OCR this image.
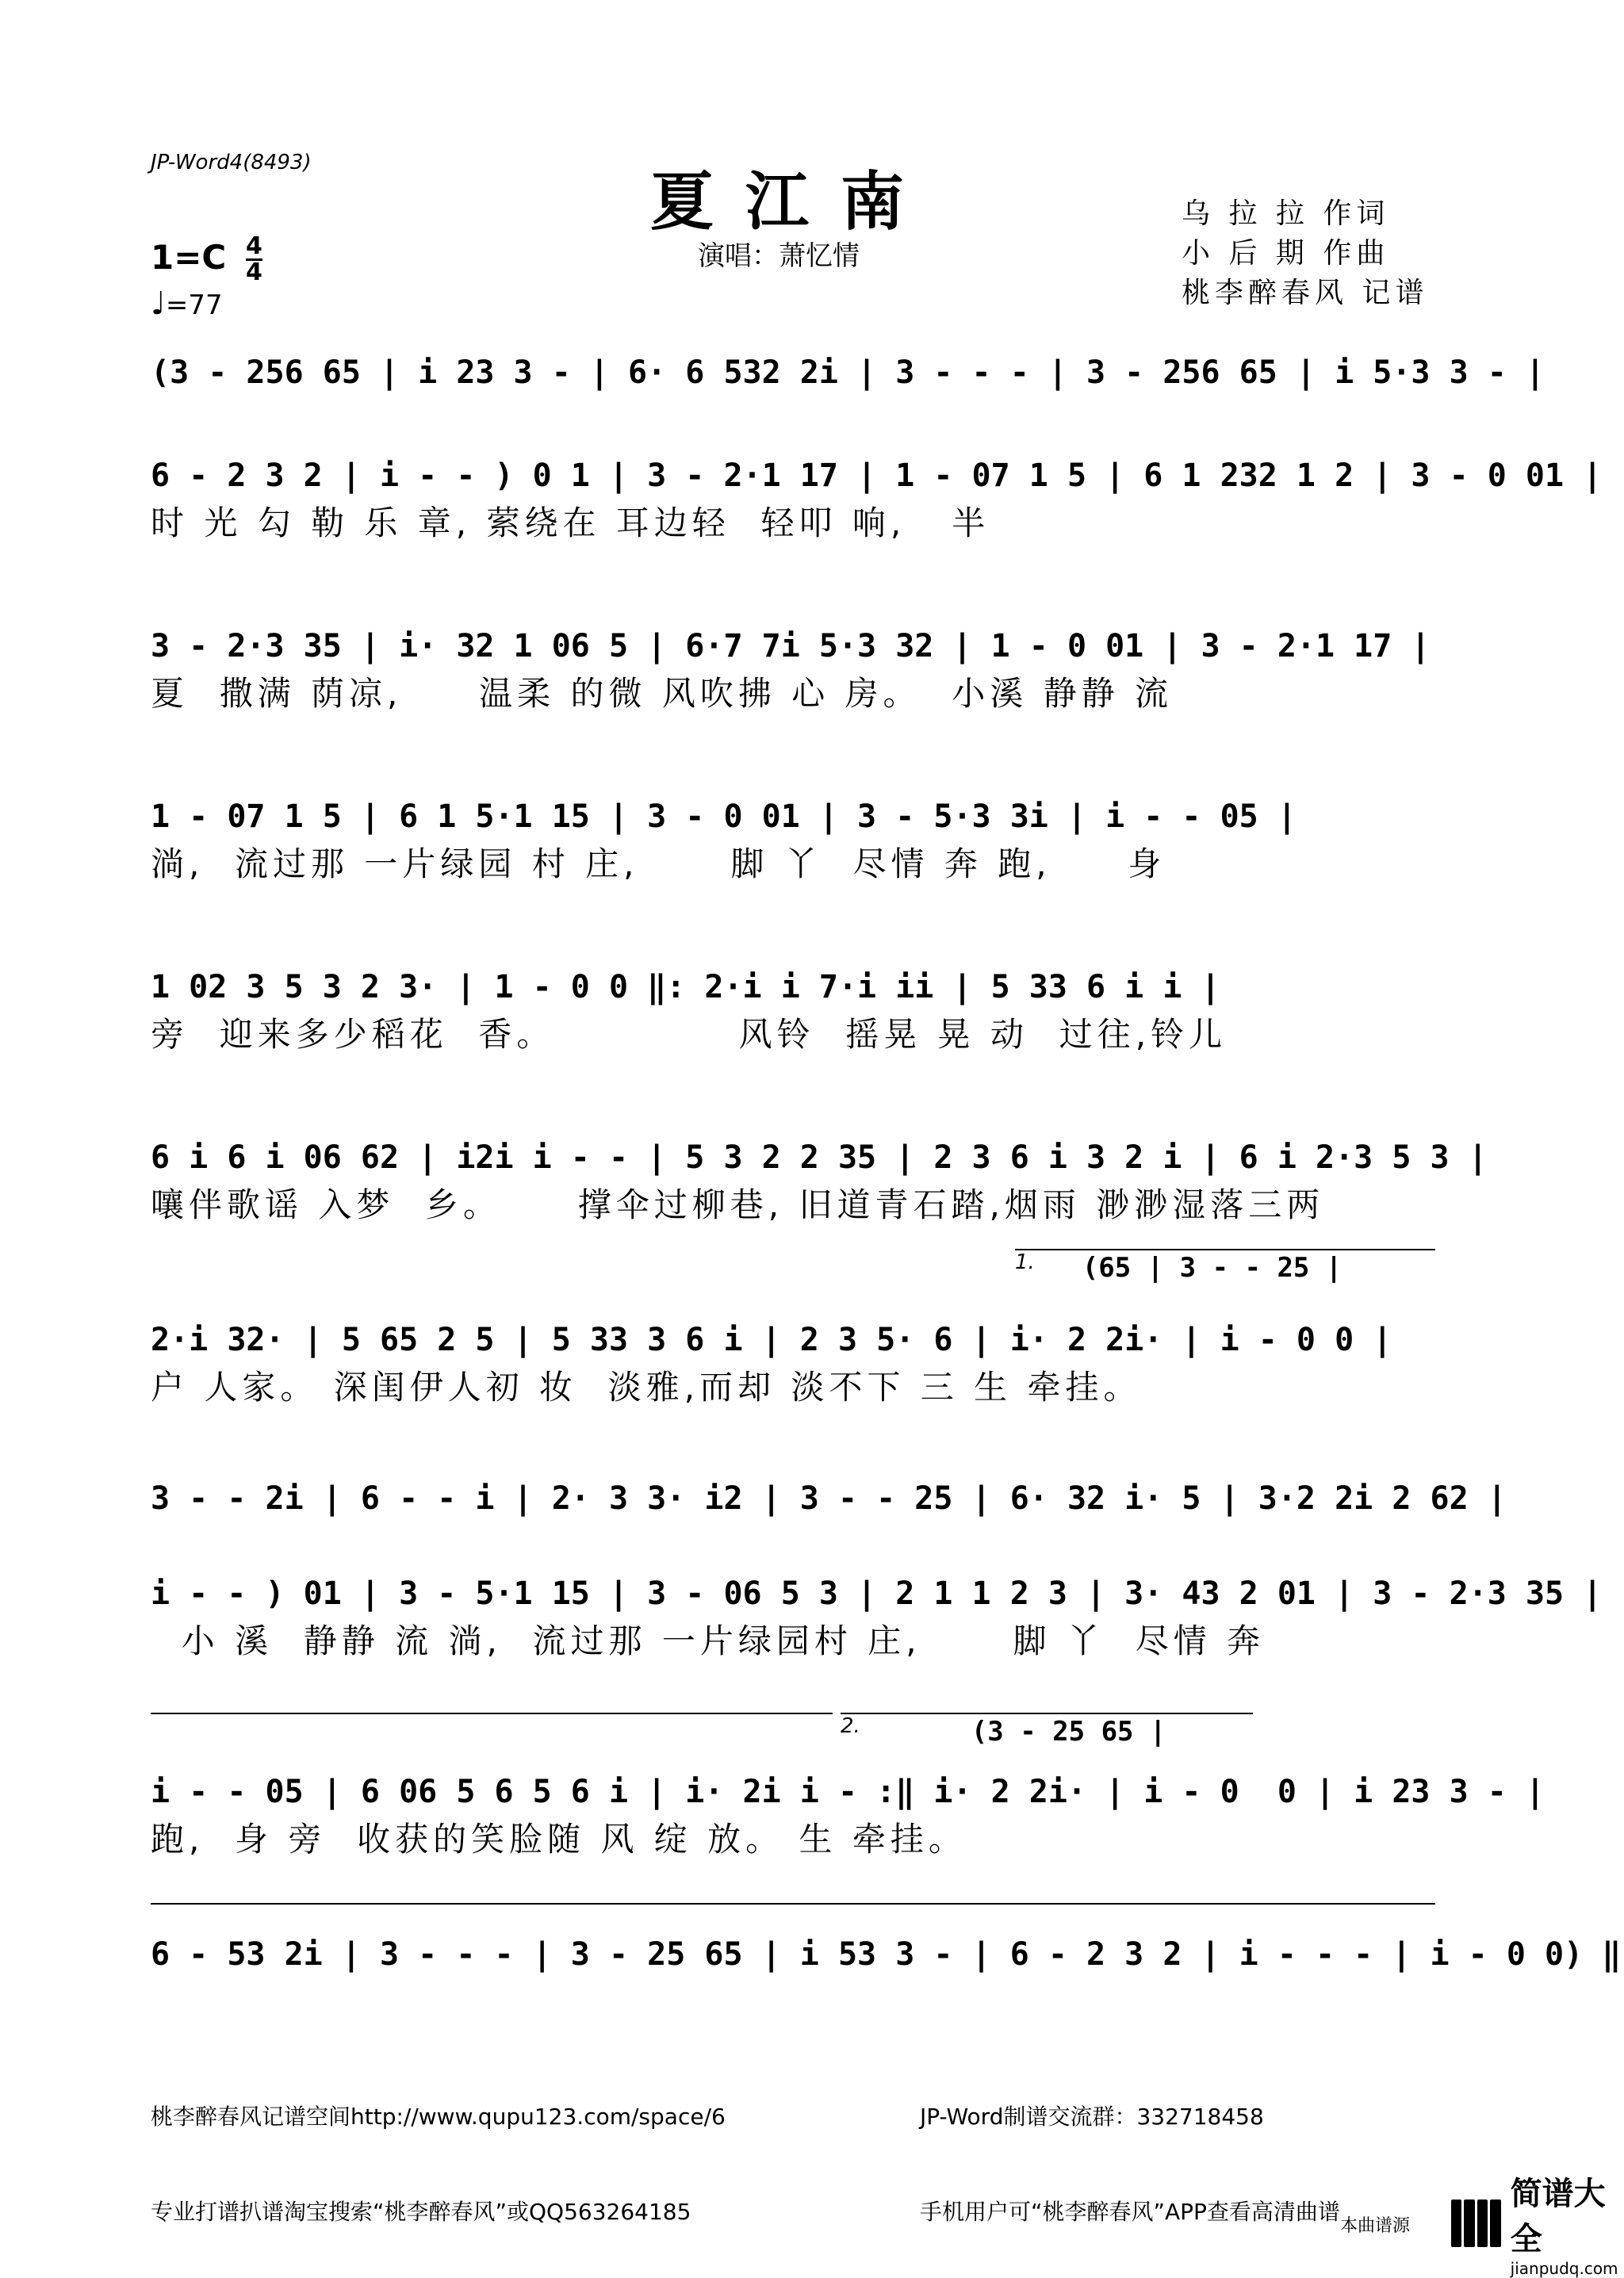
JP-Word4(8493)
夏江南
演唱：萧忆情
乌 拉 拉 作词
小 后 期 作曲
桃李醉春风 记谱
$1=C \frac{4}{4}$
♩=77
(3 - 256 65 | i 23 3 - | 6· 6 532 2i | 3 - - - | 3 - 256 65 | i 5·3 3 - |
6 - 2 3 2 | i - - ) 0 1 | 3 - 2·1 17 | 1 - 07 1 5 | 6 1 232 1 2 | 3 - 0 01 |
时 光 勾 勒 乐 章, 萦绕在 耳边轻  轻叩 响,   半
3 - 2·3 35 | i· 32 1 06 5 | 6·7 7i 5·3 32 | 1 - 0 01 | 3 - 2·1 17 |
夏  撒满 荫凉,     温柔 的微 风吹拂 心 房。  小溪 静静 流
1 - 07 1 5 | 6 1 5·1 15 | 3 - 0 01 | 3 - 5·3 3i | i - - 05 |
淌,  流过那 一片绿园 村 庄,      脚 丫  尽情 奔 跑,     身
1 02 3 5 3 2 3· | 1 - 0 0 ‖: 2·i i 7·i ii | 5 33 6 i i |
旁  迎来多少稻花  香。            风铃  摇晃 晃 动  过往,铃儿
6 i 6 i 06 62 | i2i i - - | 5 3 2 2 35 | 2 3 6 i 3 2 i | 6 i 2·3 5 3 |
嚷伴歌谣 入梦  乡。     撑伞过柳巷, 旧道青石踏,烟雨 渺渺湿落三两
1. (65 | 3 - - 25 |
2·i 32· | 5 65 2 5 | 5 33 3 6 i | 2 3 5· 6 | i· 2 2i· | i - 0 0 |
户 人家。 深闺伊人初 妆  淡雅,而却 淡不下 三 生 牵挂。
3 - - 2i | 6 - - i | 2· 3 3· i2 | 3 - - 25 | 6· 32 i· 5 | 3·2 2i 2 62 |
i - - ) 01 | 3 - 5·1 15 | 3 - 06 5 3 | 2 1 1 2 3 | 3· 43 2 01 | 3 - 2·3 35 |
小 溪  静静 流 淌,  流过那 一片绿园村 庄,      脚 丫  尽情 奔
2.	(3 - 25 65 |
i - - 05 | 6 06 5 6 5 6 i | i· 2i i - :‖ i· 2 2i· | i - 0  0 | i 23 3 - |
跑,  身 旁  收获的笑脸随 风 绽 放。 生 牵挂。
6 - 53 2i | 3 - - - | 3 - 25 65 | i 53 3 - | 6 - 2 3 2 | i - - - | i - 0 0) ‖

桃李醉春风记谱空间http://www.qupu123.com/space/6

专业打谱扒谱淘宝搜索“桃李醉春风”或QQ563264185

JP-Word制谱交流群：332718458

手机用户可“桃李醉春风”APP查看高清曲谱

本曲谱源
简谱大全
jianpudq.com
